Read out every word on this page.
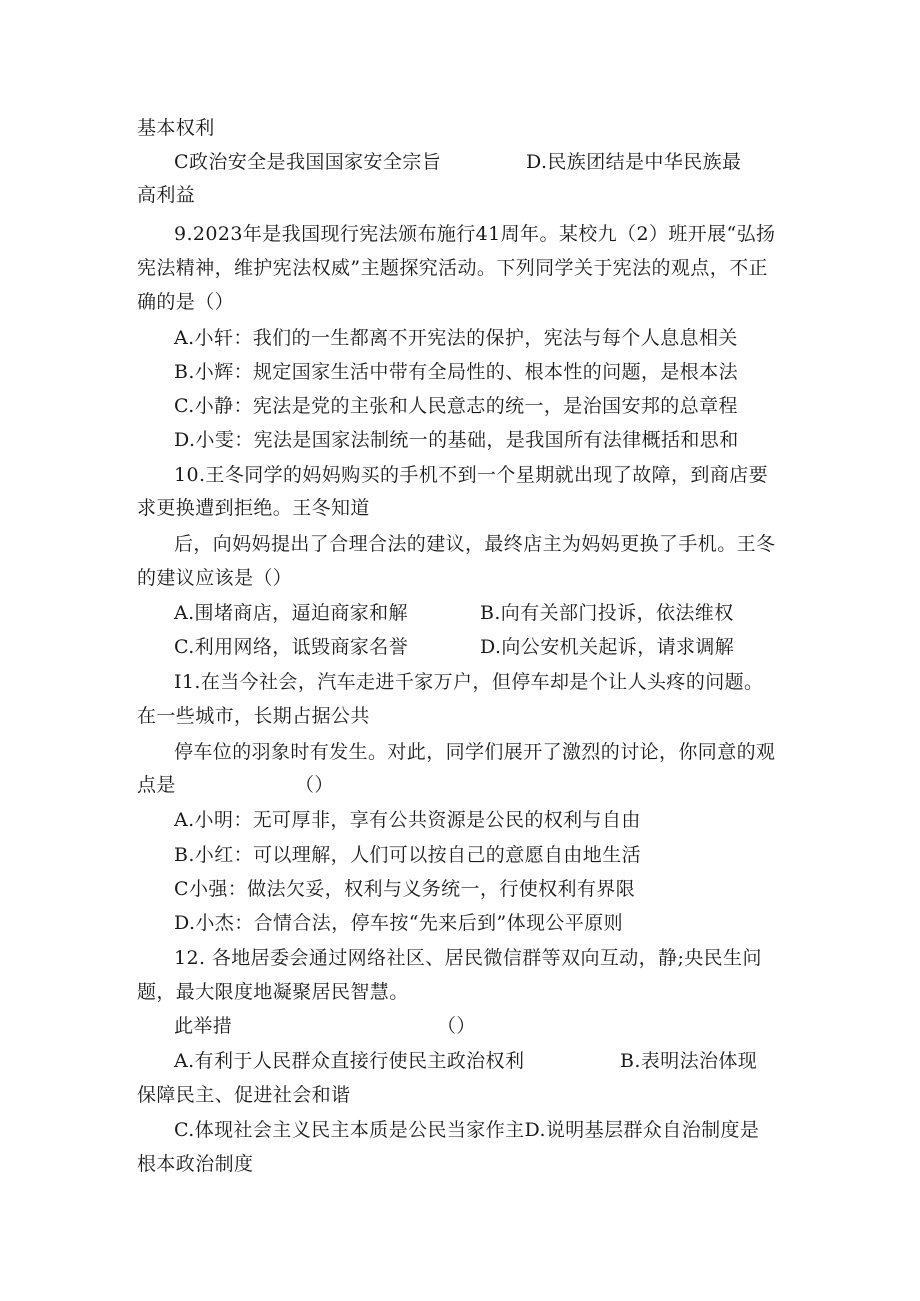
基本权利
C政治安全是我国国家安全宗旨	D.民族团结是中华民族最
高利益
9.2023年是我国现行宪法颁布施行41周年。某校九（2）班开展“弘扬
宪法精神，维护宪法权威”主题探究活动。下列同学关于宪法的观点，不正
确的是（）
A.小轩：我们的一生都离不开宪法的保护，宪法与每个人息息相关
B.小辉：规定国家生活中带有全局性的、根本性的问题，是根本法
C.小静：宪法是党的主张和人民意志的统一，是治国安邦的总章程
D.小雯：宪法是国家法制统一的基础，是我国所有法律概括和思和
10.王冬同学的妈妈购买的手机不到一个星期就出现了故障，到商店要
求更换遭到拒绝。王冬知道
后，向妈妈提出了合理合法的建议，最终店主为妈妈更换了手机。王冬
的建议应该是（）
A.围堵商店，逼迫商家和解	B.向有关部门投诉，依法维权
C.利用网络，诋毁商家名誉	D.向公安机关起诉，请求调解
I1.在当今社会，汽车走进千家万户，但停车却是个让人头疼的问题。
在一些城市，长期占据公共
停车位的羽象时有发生。对此，同学们展开了激烈的讨论，你同意的观
点是	（）
A.小明：无可厚非，享有公共资源是公民的权利与自由
B.小红：可以理解，人们可以按自己的意愿自由地生活
C小强：做法欠妥，权利与义务统一，行使权利有界限
D.小杰：合情合法，停车按“先来后到”体现公平原则
12. 各地居委会通过网络社区、居民微信群等双向互动，静;央民生问
题，最大限度地凝聚居民智慧。
此举措	（）
A.有利于人民群众直接行使民主政治权利	B.表明法治体现
保障民主、促进社会和谐
C.体现社会主义民主本质是公民当家作主D.说明基层群众自治制度是
根本政治制度
